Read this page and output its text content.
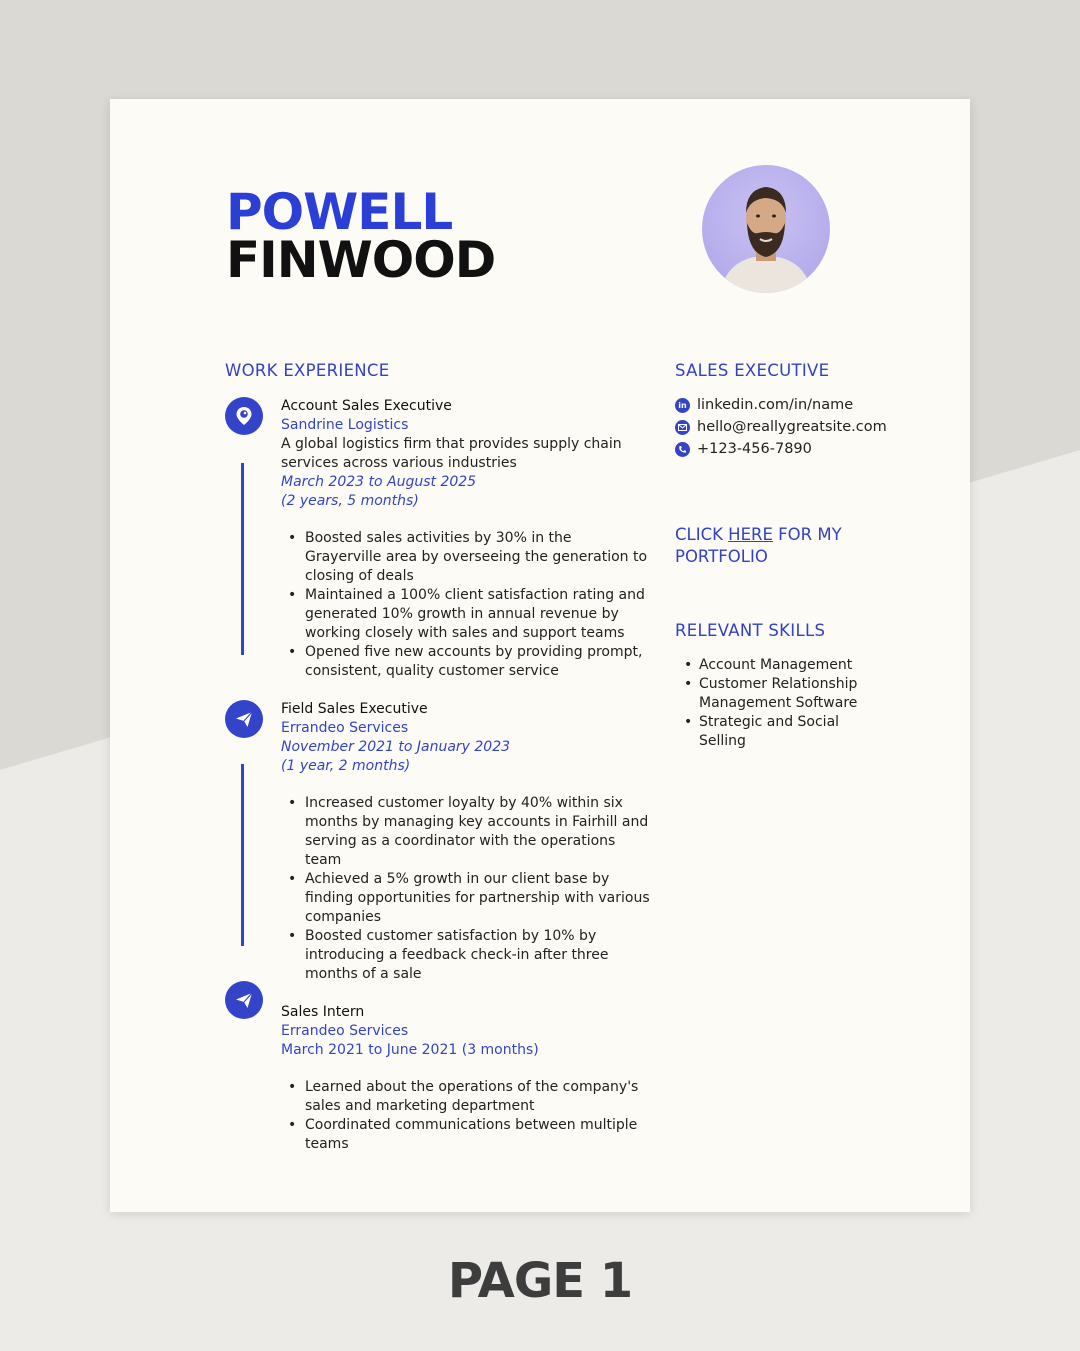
POWELL
FINWOOD
WORK EXPERIENCE
Account Sales Executive
Sandrine Logistics
A global logistics firm that provides supply chain services across various industries
March 2023 to August 2025
(2 years, 5 months)
• Boosted sales activities by 30% in the Grayerville area by overseeing the generation to closing of deals
• Maintained a 100% client satisfaction rating and generated 10% growth in annual revenue by working closely with sales and support teams
• Opened five new accounts by providing prompt, consistent, quality customer service
Field Sales Executive
Errandeo Services
November 2021 to January 2023
(1 year, 2 months)
• Increased customer loyalty by 40% within six months by managing key accounts in Fairhill and serving as a coordinator with the operations team
• Achieved a 5% growth in our client base by finding opportunities for partnership with various companies
• Boosted customer satisfaction by 10% by introducing a feedback check-in after three months of a sale
Sales Intern
Errandeo Services
March 2021 to June 2021 (3 months)
• Learned about the operations of the company's sales and marketing department
• Coordinated communications between multiple teams
SALES EXECUTIVE
in linkedin.com/in/name
hello@reallygreatsite.com
+123-456-7890
CLICK HERE FOR MY PORTFOLIO
RELEVANT SKILLS
• Account Management
• Customer Relationship Management Software
• Strategic and Social Selling
PAGE 1
